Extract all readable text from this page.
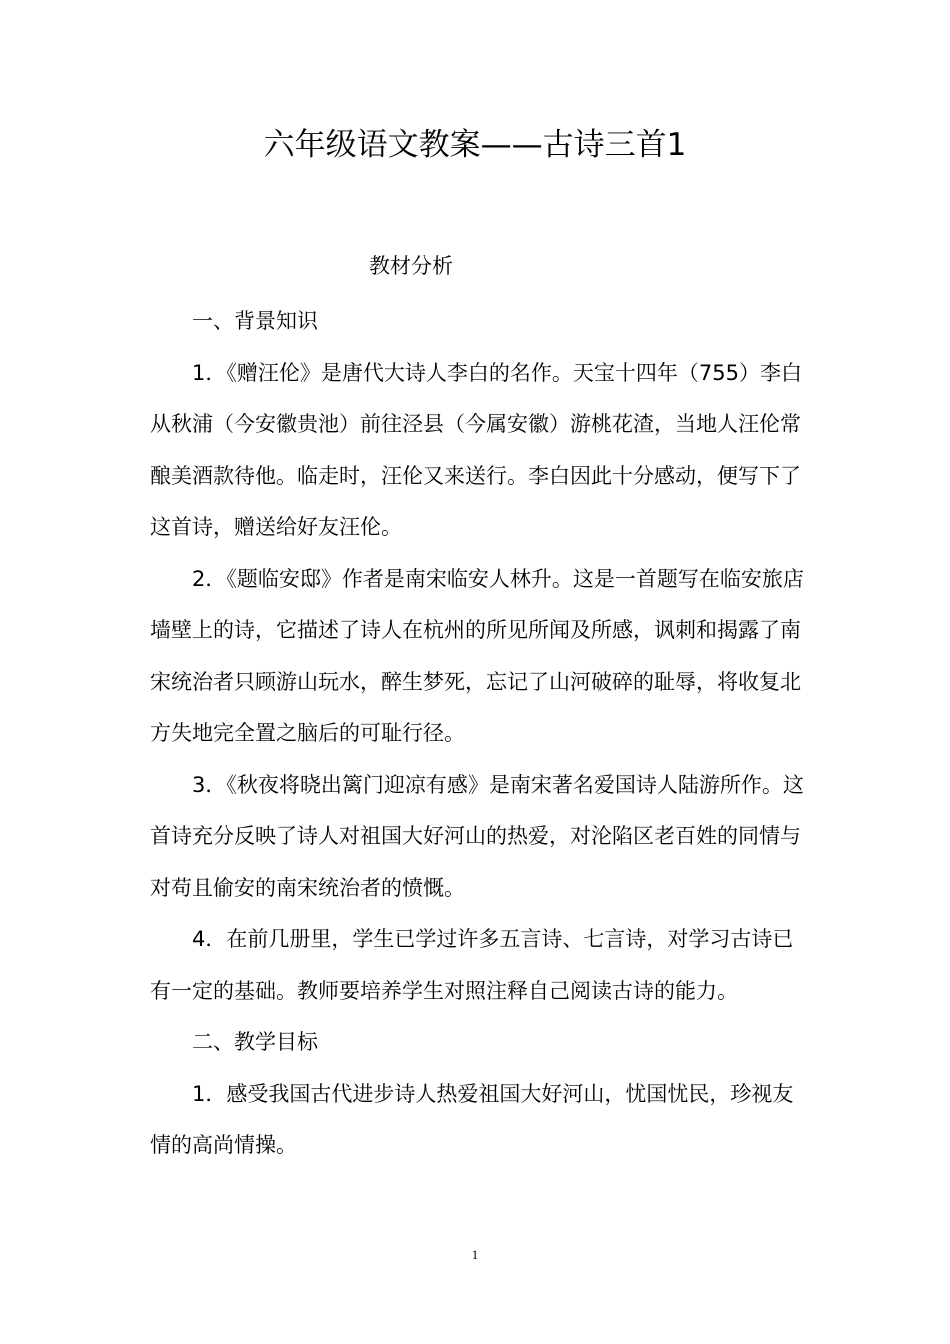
六年级语文教案——古诗三首1
教材分析

一、背景知识

1．《赠汪伦》是唐代大诗人李白的名作。天宝十四年（755）李白从秋浦（今安徽贵池）前往泾县（今属安徽）游桃花渣，当地人汪伦常酿美酒款待他。临走时，汪伦又来送行。李白因此十分感动，便写下了这首诗，赠送给好友汪伦。

2．《题临安邸》作者是南宋临安人林升。这是一首题写在临安旅店墙壁上的诗，它描述了诗人在杭州的所见所闻及所感，讽刺和揭露了南宋统治者只顾游山玩水，醉生梦死，忘记了山河破碎的耻辱，将收复北方失地完全置之脑后的可耻行径。

3．《秋夜将晓出篱门迎凉有感》是南宋著名爱国诗人陆游所作。这首诗充分反映了诗人对祖国大好河山的热爱，对沦陷区老百姓的同情与对苟且偷安的南宋统治者的愤慨。

4．在前几册里，学生已学过许多五言诗、七言诗，对学习古诗已有一定的基础。教师要培养学生对照注释自己阅读古诗的能力。

二、教学目标

1．感受我国古代进步诗人热爱祖国大好河山，忧国忧民，珍视友情的高尚情操。

1
